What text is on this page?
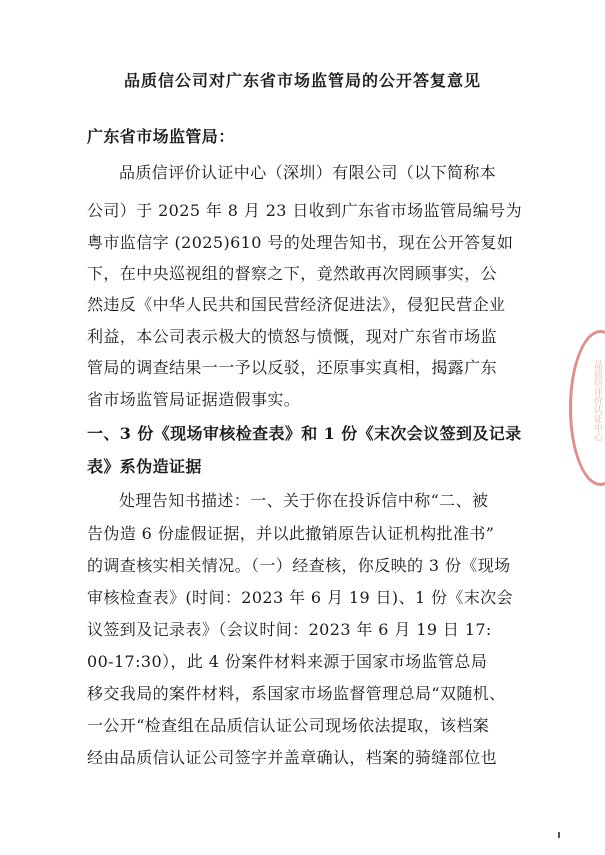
品质信公司对广东省市场监管局的公开答复意见
广东省市场监管局：
品质信评价认证中心（深圳）有限公司（以下简称本
公司）于 2025 年 8 月 23 日收到广东省市场监管局编号为
粤市监信字 (2025)610 号的处理告知书，现在公开答复如
下，在中央巡视组的督察之下，竟然敢再次罔顾事实，公
然违反《中华人民共和国民营经济促进法》，侵犯民营企业
利益，本公司表示极大的愤怒与愤慨，现对广东省市场监
管局的调查结果一一予以反驳，还原事实真相，揭露广东
省市场监管局证据造假事实。
一、3 份《现场审核检查表》和 1 份《末次会议签到及记录
表》系伪造证据
处理告知书描述：一、关于你在投诉信中称“二、被
告伪造 6 份虚假证据，并以此撤销原告认证机构批准书”
的调查核实相关情况。（一）经查核，你反映的 3 份《现场
审核检查表》(时间：2023 年 6 月 19 日)、1 份《末次会
议签到及记录表》（会议时间：2023 年 6 月 19 日 17:
00-17:30），此 4 份案件材料来源于国家市场监管总局
移交我局的案件材料，系国家市场监督管理总局“双随机、
一公开“检查组在品质信认证公司现场依法提取，该档案
经由品质信认证公司签字并盖章确认，档案的骑缝部位也
品质信评价认证中心
